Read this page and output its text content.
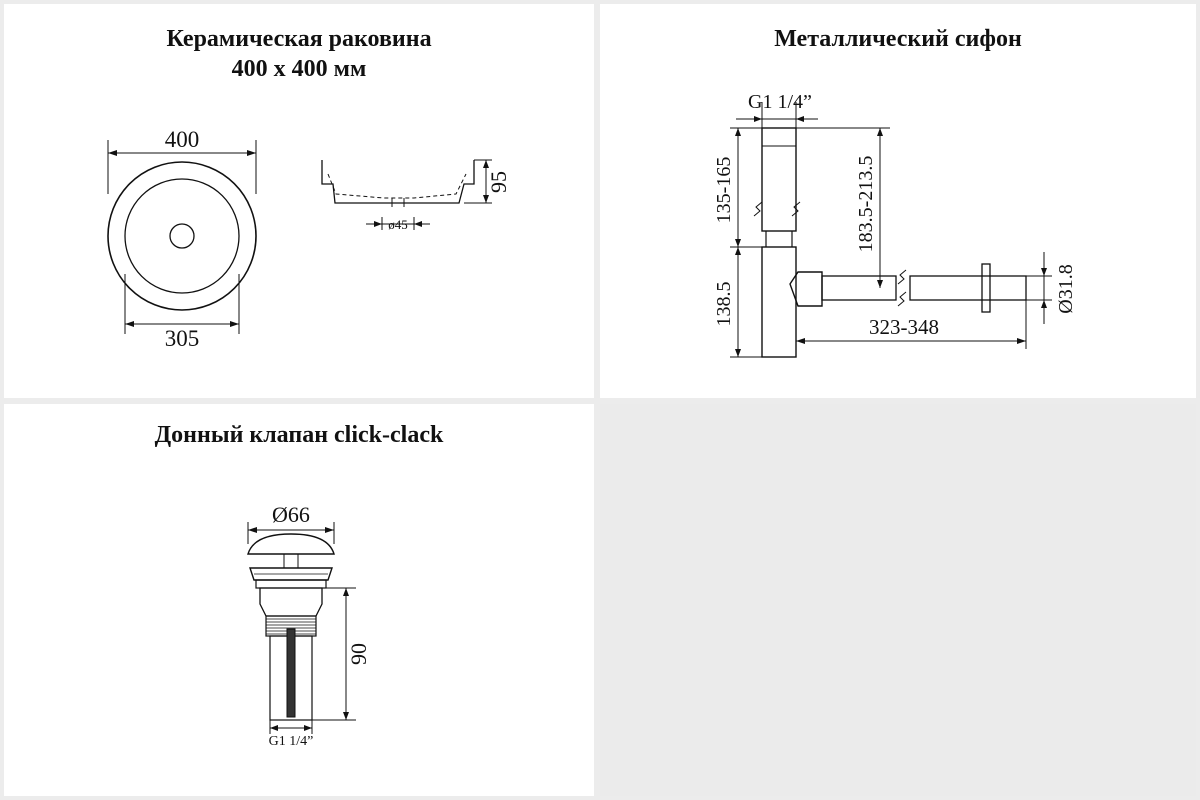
Керамическая раковина
400 х 400 мм
400
305
95
ø45
Металлический сифон
G1 1/4”
135-165
138.5
183.5-213.5
323-348
Ø31.8
Донный клапан click-clack
Ø66
90
G1 1/4”
